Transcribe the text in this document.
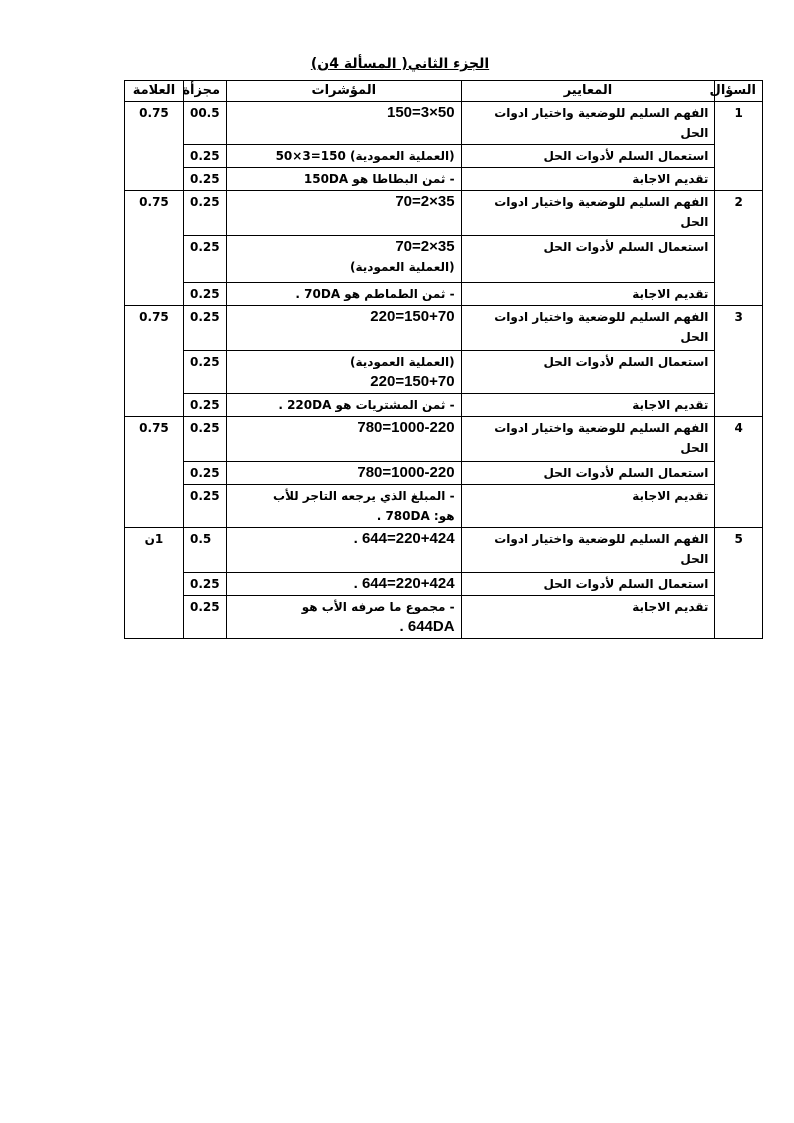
الجزء الثاني( المسألة 4ن)
السؤال	المعايير	المؤشرات	مجزأة	العلامة
1	الفهم السليم للوضعية واختيار ادوات الحل	50×3=150	00.5	0.75
	استعمال السلم لأدوات الحل	(العملية العمودية) 150=3×50	0.25	
	تقديم الاجابة	- ثمن البطاطا هو 150DA	0.25	
2	الفهم السليم للوضعية واختيار ادوات الحل	35×2=70	0.25	0.75
	استعمال السلم لأدوات الحل	35×2=70
(العملية العمودية)	0.25	
	تقديم الاجابة	- ثمن الطماطم هو 70DA .	0.25	
3	الفهم السليم للوضعية واختيار ادوات الحل	150+70=220	0.25	0.75
	استعمال السلم لأدوات الحل	(العملية العمودية)
150+70=220	0.25	
	تقديم الاجابة	- ثمن المشتريات هو 220DA .	0.25	
4	الفهم السليم للوضعية واختيار ادوات الحل	1000-220=780	0.25	0.75
	استعمال السلم لأدوات الحل	1000-220=780	0.25	
	تقديم الاجابة	- المبلغ الذي يرجعه التاجر للأب
هو: 780DA .	0.25	
5	الفهم السليم للوضعية واختيار ادوات الحل	220+424=644 .	0.5	1ن
	استعمال السلم لأدوات الحل	220+424=644 .	0.25	
	تقديم الاجابة	- مجموع ما صرفه الأب هو
644DA .	0.25	
